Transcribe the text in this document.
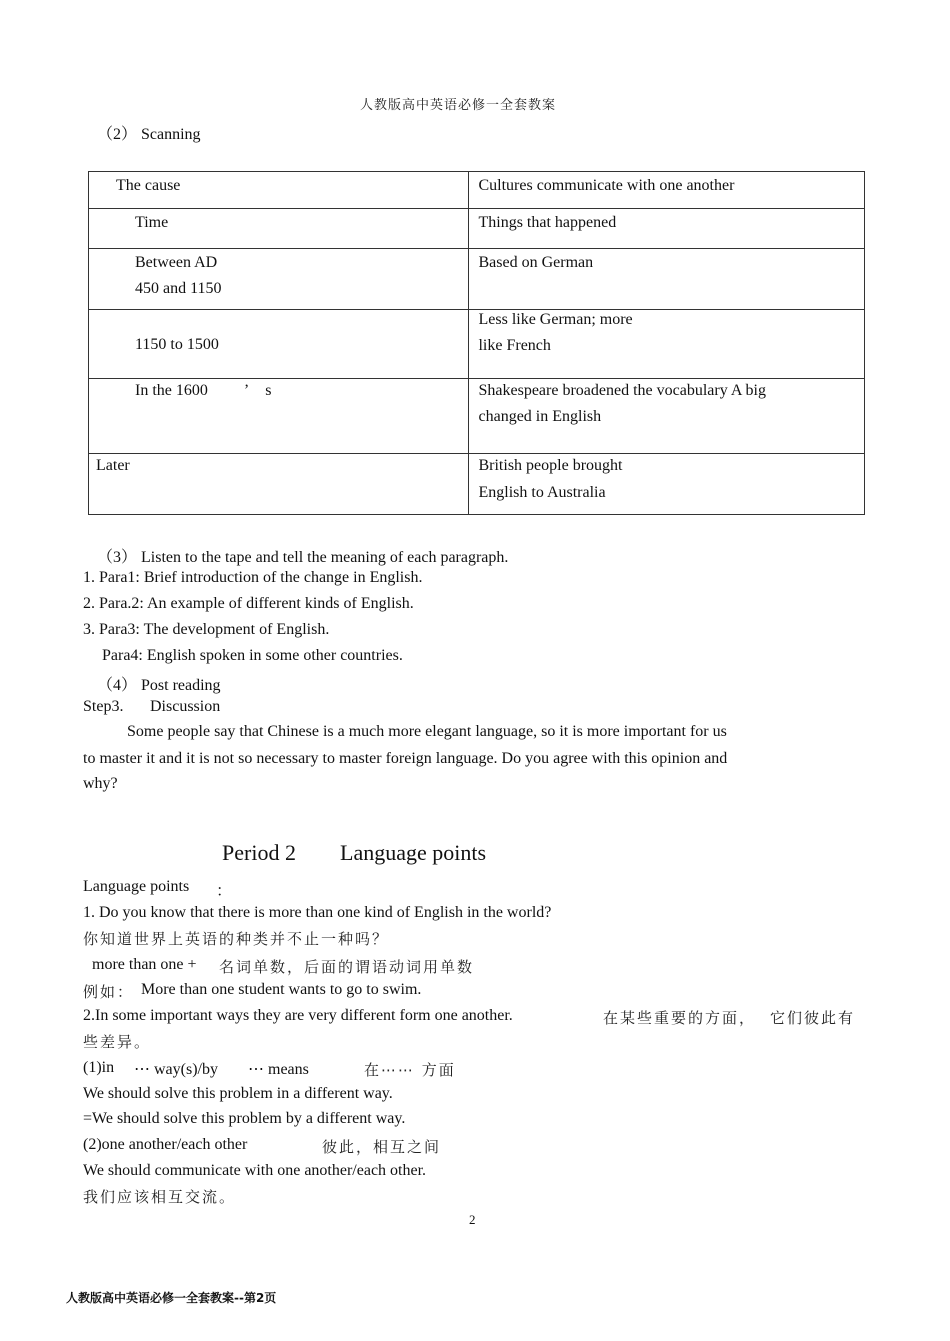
人教版高中英语必修一全套教案
（2） Scanning
The cause	Cultures communicate with one another

Time	Things that happened

Between AD
450 and 1150	Based on German

1150 to 1500	Less like German; more
like French

In the 1600 ’ s	Shakespeare broadened the vocabulary A big
changed in English

Later	British people brought
English to Australia
（3） Listen to the tape and tell the meaning of each paragraph.
1. Para1: Brief introduction of the change in English.
2. Para.2: An example of different kinds of English.
3. Para3: The development of English.
Para4: English spoken in some other countries.
（4） Post reading
Step3. Discussion
Some people say that Chinese is a much more elegant language, so it is more important for us
to master it and it is not so necessary to master foreign language. Do you agree with this opinion and
why?
Period 2 Language points
Language points ：
1. Do you know that there is more than one kind of English in the world?
你知道世界上英语的种类并不止一种吗？
more than one + 名词单数，后面的谓语动词用单数
例如： More than one student wants to go to swim.
2.In some important ways they are very different form one another.	在某些重要的方面， 它们彼此有
些差异。
(1)in ⋯ way(s)/by ⋯ means	在⋯⋯ 方面
We should solve this problem in a different way.
=We should solve this problem by a different way.
(2)one another/each other	彼此，相互之间
We should communicate with one another/each other.
我们应该相互交流。
2
人教版高中英语必修一全套教案--第2页
